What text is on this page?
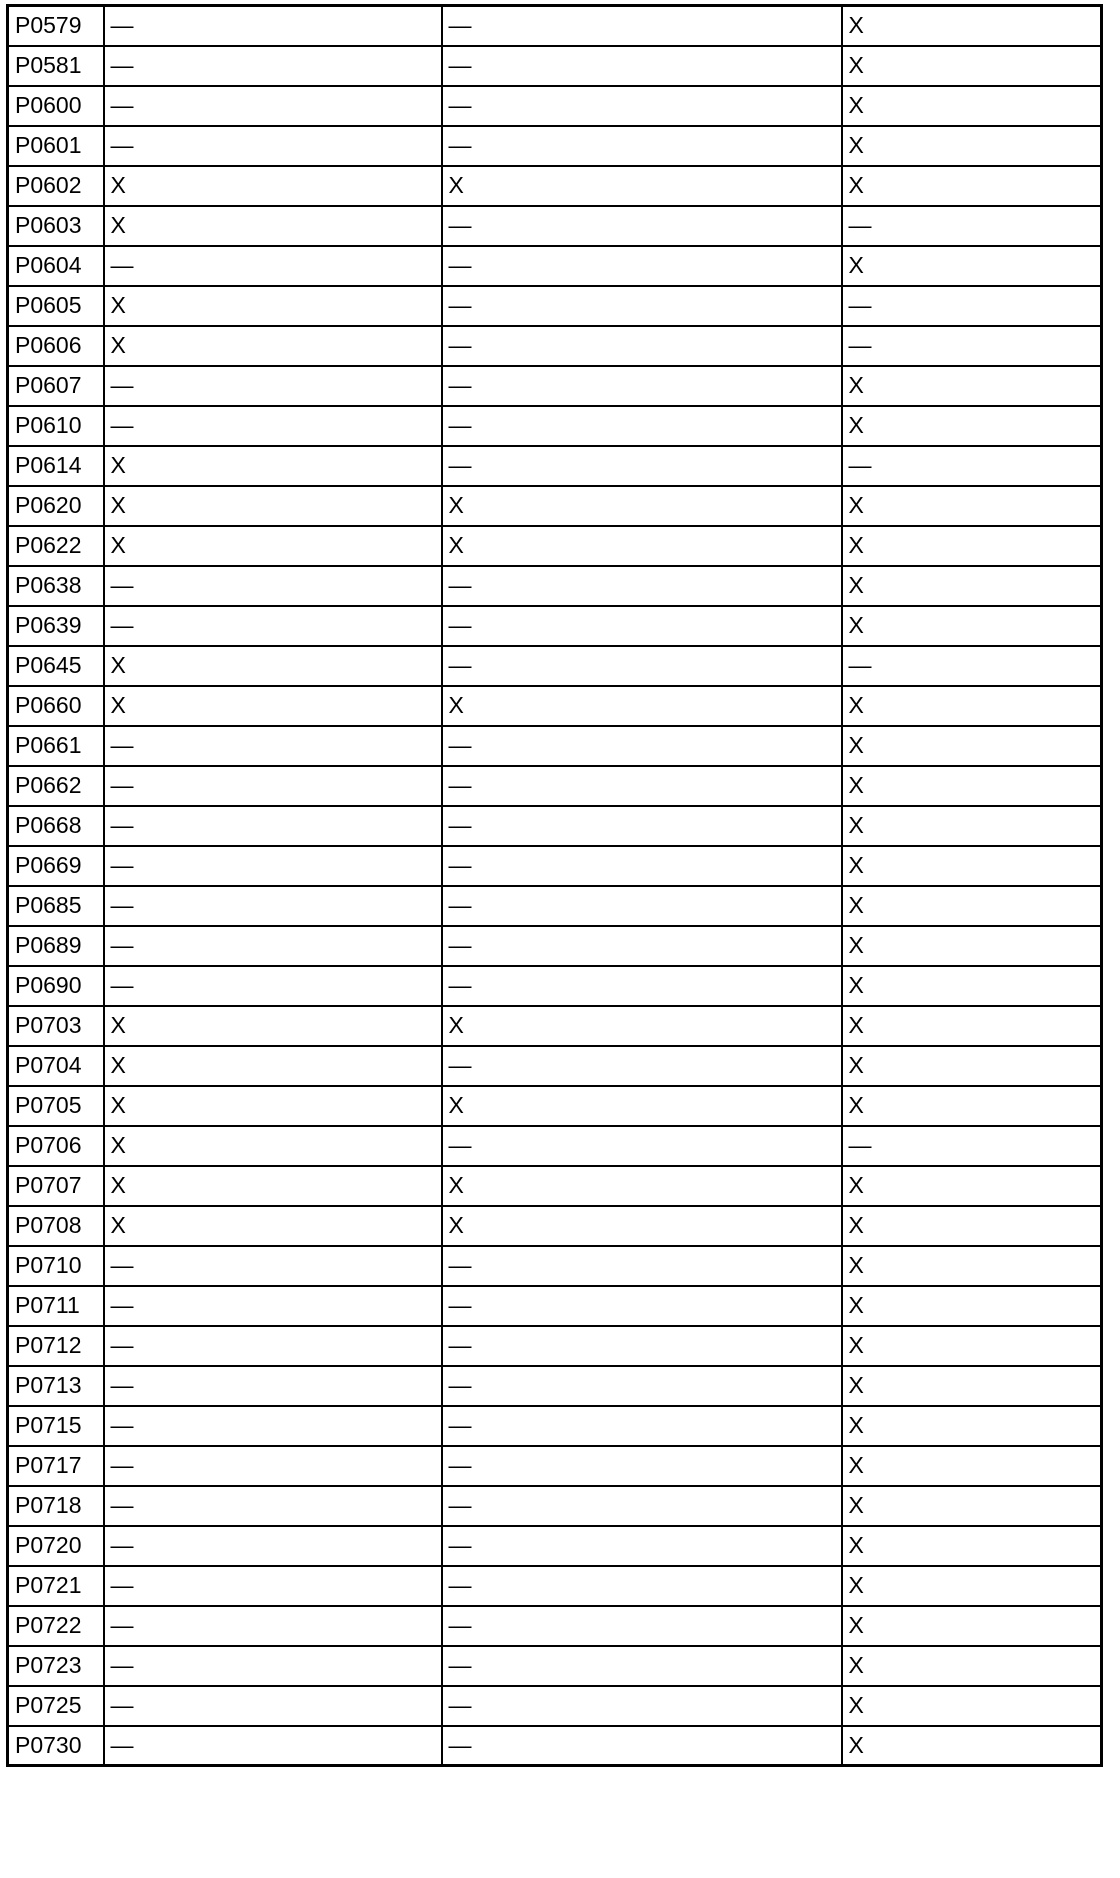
P0579	—	—	X
P0581	—	—	X
P0600	—	—	X
P0601	—	—	X
P0602	X	X	X
P0603	X	—	—
P0604	—	—	X
P0605	X	—	—
P0606	X	—	—
P0607	—	—	X
P0610	—	—	X
P0614	X	—	—
P0620	X	X	X
P0622	X	X	X
P0638	—	—	X
P0639	—	—	X
P0645	X	—	—
P0660	X	X	X
P0661	—	—	X
P0662	—	—	X
P0668	—	—	X
P0669	—	—	X
P0685	—	—	X
P0689	—	—	X
P0690	—	—	X
P0703	X	X	X
P0704	X	—	X
P0705	X	X	X
P0706	X	—	—
P0707	X	X	X
P0708	X	X	X
P0710	—	—	X
P0711	—	—	X
P0712	—	—	X
P0713	—	—	X
P0715	—	—	X
P0717	—	—	X
P0718	—	—	X
P0720	—	—	X
P0721	—	—	X
P0722	—	—	X
P0723	—	—	X
P0725	—	—	X
P0730	—	—	X
